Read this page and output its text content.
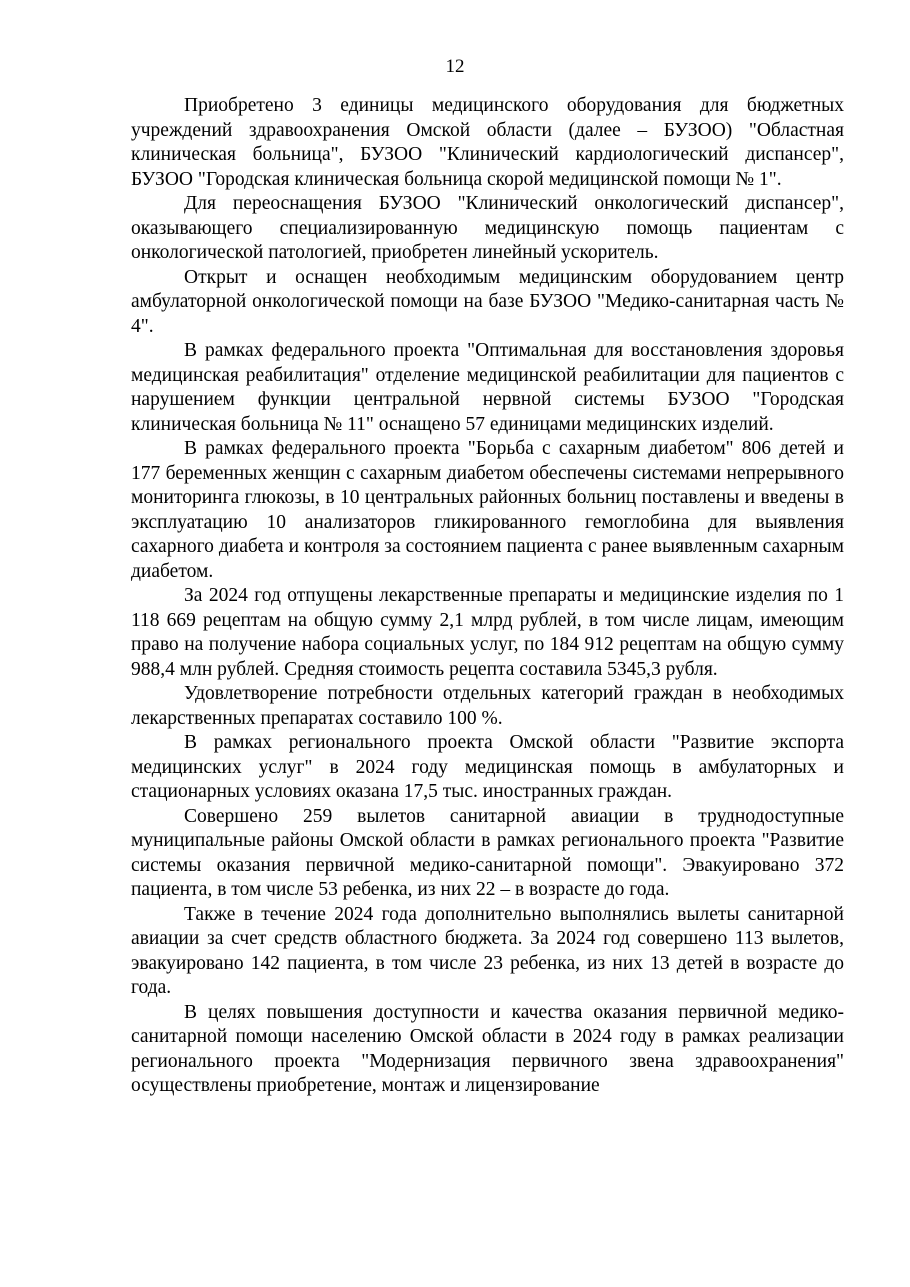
12

Приобретено 3 единицы медицинского оборудования для бюджетных учреждений здравоохранения Омской области (далее – БУЗОО) "Областная клиническая больница", БУЗОО "Клинический кардиологический диспансер", БУЗОО "Городская клиническая больница скорой медицинской помощи № 1".

Для переоснащения БУЗОО "Клинический онкологический диспансер", оказывающего специализированную медицинскую помощь пациентам с онкологической патологией, приобретен линейный ускоритель.

Открыт и оснащен необходимым медицинским оборудованием центр амбулаторной онкологической помощи на базе БУЗОО "Медико-санитарная часть № 4".

В рамках федерального проекта "Оптимальная для восстановления здоровья медицинская реабилитация" отделение медицинской реабилитации для пациентов с нарушением функции центральной нервной системы БУЗОО "Городская клиническая больница № 11" оснащено 57 единицами медицинских изделий.

В рамках федерального проекта "Борьба с сахарным диабетом" 806 детей и 177 беременных женщин с сахарным диабетом обеспечены системами непрерывного мониторинга глюкозы, в 10 центральных районных больниц поставлены и введены в эксплуатацию 10 анализаторов гликированного гемоглобина для выявления сахарного диабета и контроля за состоянием пациента с ранее выявленным сахарным диабетом.

За 2024 год отпущены лекарственные препараты и медицинские изделия по 1 118 669 рецептам на общую сумму 2,1 млрд рублей, в том числе лицам, имеющим право на получение набора социальных услуг, по 184 912 рецептам на общую сумму 988,4 млн рублей. Средняя стоимость рецепта составила 5345,3 рубля.

Удовлетворение потребности отдельных категорий граждан в необходимых лекарственных препаратах составило 100 %.

В рамках регионального проекта Омской области "Развитие экспорта медицинских услуг" в 2024 году медицинская помощь в амбулаторных и стационарных условиях оказана 17,5 тыс. иностранных граждан.

Совершено 259 вылетов санитарной авиации в труднодоступные муниципальные районы Омской области в рамках регионального проекта "Развитие системы оказания первичной медико-санитарной помощи". Эвакуировано 372 пациента, в том числе 53 ребенка, из них 22 – в возрасте до года.

Также в течение 2024 года дополнительно выполнялись вылеты санитарной авиации за счет средств областного бюджета. За 2024 год совершено 113 вылетов, эвакуировано 142 пациента, в том числе 23 ребенка, из них 13 детей в возрасте до года.

В целях повышения доступности и качества оказания первичной медико-санитарной помощи населению Омской области в 2024 году в рамках реализации регионального проекта "Модернизация первичного звена здравоохранения" осуществлены приобретение, монтаж и лицензирование
